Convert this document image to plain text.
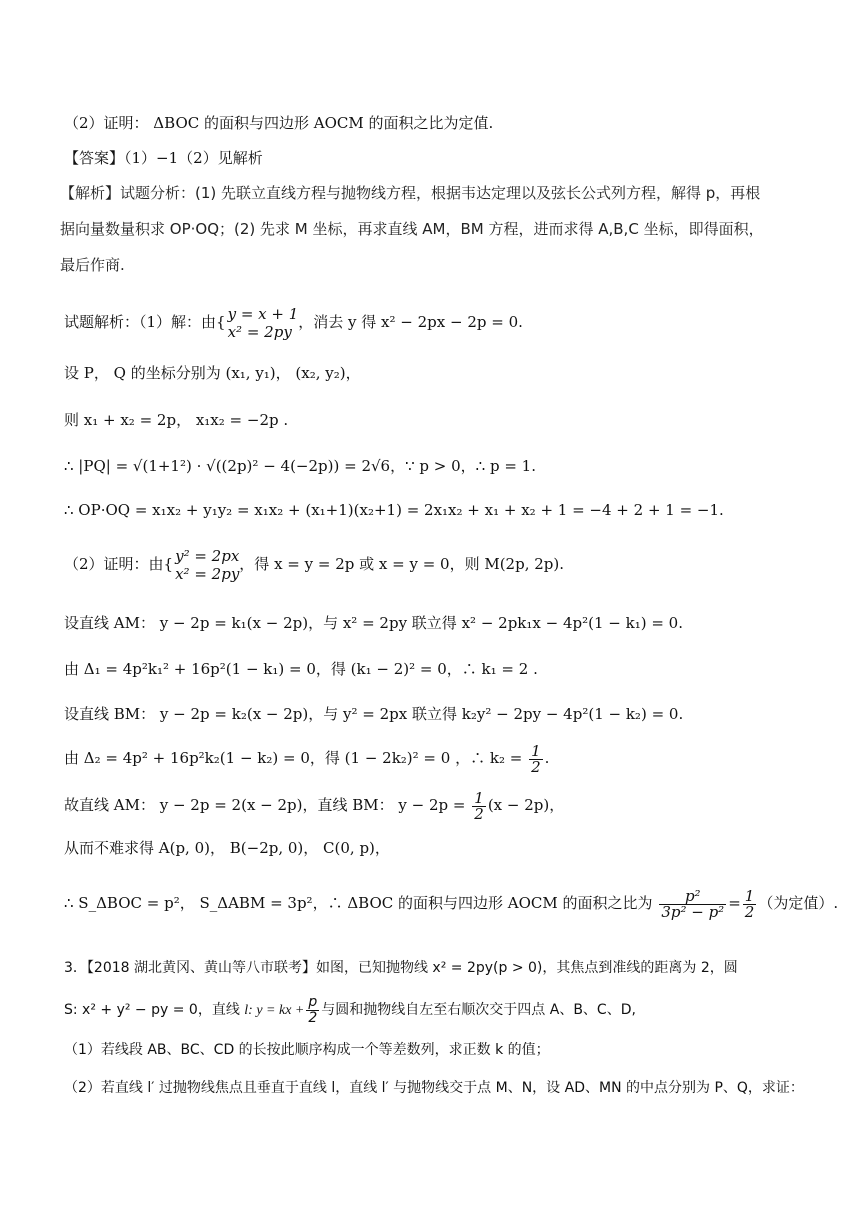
（2）证明： ΔBOC 的面积与四边形 AOCM 的面积之比为定值.
【答案】（1）−1（2）见解析
【解析】试题分析：(1) 先联立直线方程与抛物线方程，根据韦达定理以及弦长公式列方程，解得 p，再根
据向量数量积求 OP·OQ；(2) 先求 M 坐标，再求直线 AM，BM 方程，进而求得 A,B,C 坐标，即得面积，
最后作商.
试题解析：（1）解：由{ y = x + 1
x² = 2py
，消去 y 得 x² − 2px − 2p = 0.
设 P， Q 的坐标分别为 (x₁, y₁)， (x₂, y₂)，
则 x₁ + x₂ = 2p， x₁x₂ = −2p .
∴ |PQ| = √(1+1²) · √((2p)² − 4(−2p)) = 2√6，∵ p > 0，∴ p = 1.
∴ OP·OQ = x₁x₂ + y₁y₂ = x₁x₂ + (x₁+1)(x₂+1) = 2x₁x₂ + x₁ + x₂ + 1 = −4 + 2 + 1 = −1.
（2）证明：由{ y² = 2px
x² = 2py
，得 x = y = 2p 或 x = y = 0，则 M(2p, 2p).
设直线 AM： y − 2p = k₁(x − 2p)，与 x² = 2py 联立得 x² − 2pk₁x − 4p²(1 − k₁) = 0.
由 Δ₁ = 4p²k₁² + 16p²(1 − k₁) = 0，得 (k₁ − 2)² = 0，∴ k₁ = 2 .
设直线 BM： y − 2p = k₂(x − 2p)，与 y² = 2px 联立得 k₂y² − 2py − 4p²(1 − k₂) = 0.
由 Δ₂ = 4p² + 16p²k₂(1 − k₂) = 0，得 (1 − 2k₂)² = 0 ，∴ $k_2 = \frac{1}{2}$ .
故直线 AM： y − 2p = 2(x − 2p)，直线 BM： $y - 2p = \frac{1}{2} (x - 2p)$，
从而不难求得 A(p, 0)， B(−2p, 0)， C(0, p)，
∴ S_ΔBOC = p²， S_ΔABM = 3p²，∴ ΔBOC 的面积与四边形 AOCM 的面积之比为 $\frac{\text{p²}}{\text{3p² − p²}} = \frac{1}{2}$ （为定值）.
3．【2018 湖北黄冈、黄山等八市联考】如图，已知抛物线 x² = 2py(p > 0)，其焦点到准线的距离为 2，圆
S: x² + y² − py = 0，直线 l: y = kx + $\frac{p}{2}$ 与圆和抛物线自左至右顺次交于四点 A、B、C、D,
（1）若线段 AB、BC、CD 的长按此顺序构成一个等差数列，求正数 k 的值；
（2）若直线 l′ 过抛物线焦点且垂直于直线 l，直线 l′ 与抛物线交于点 M、N，设 AD、MN 的中点分别为 P、Q，求证：
